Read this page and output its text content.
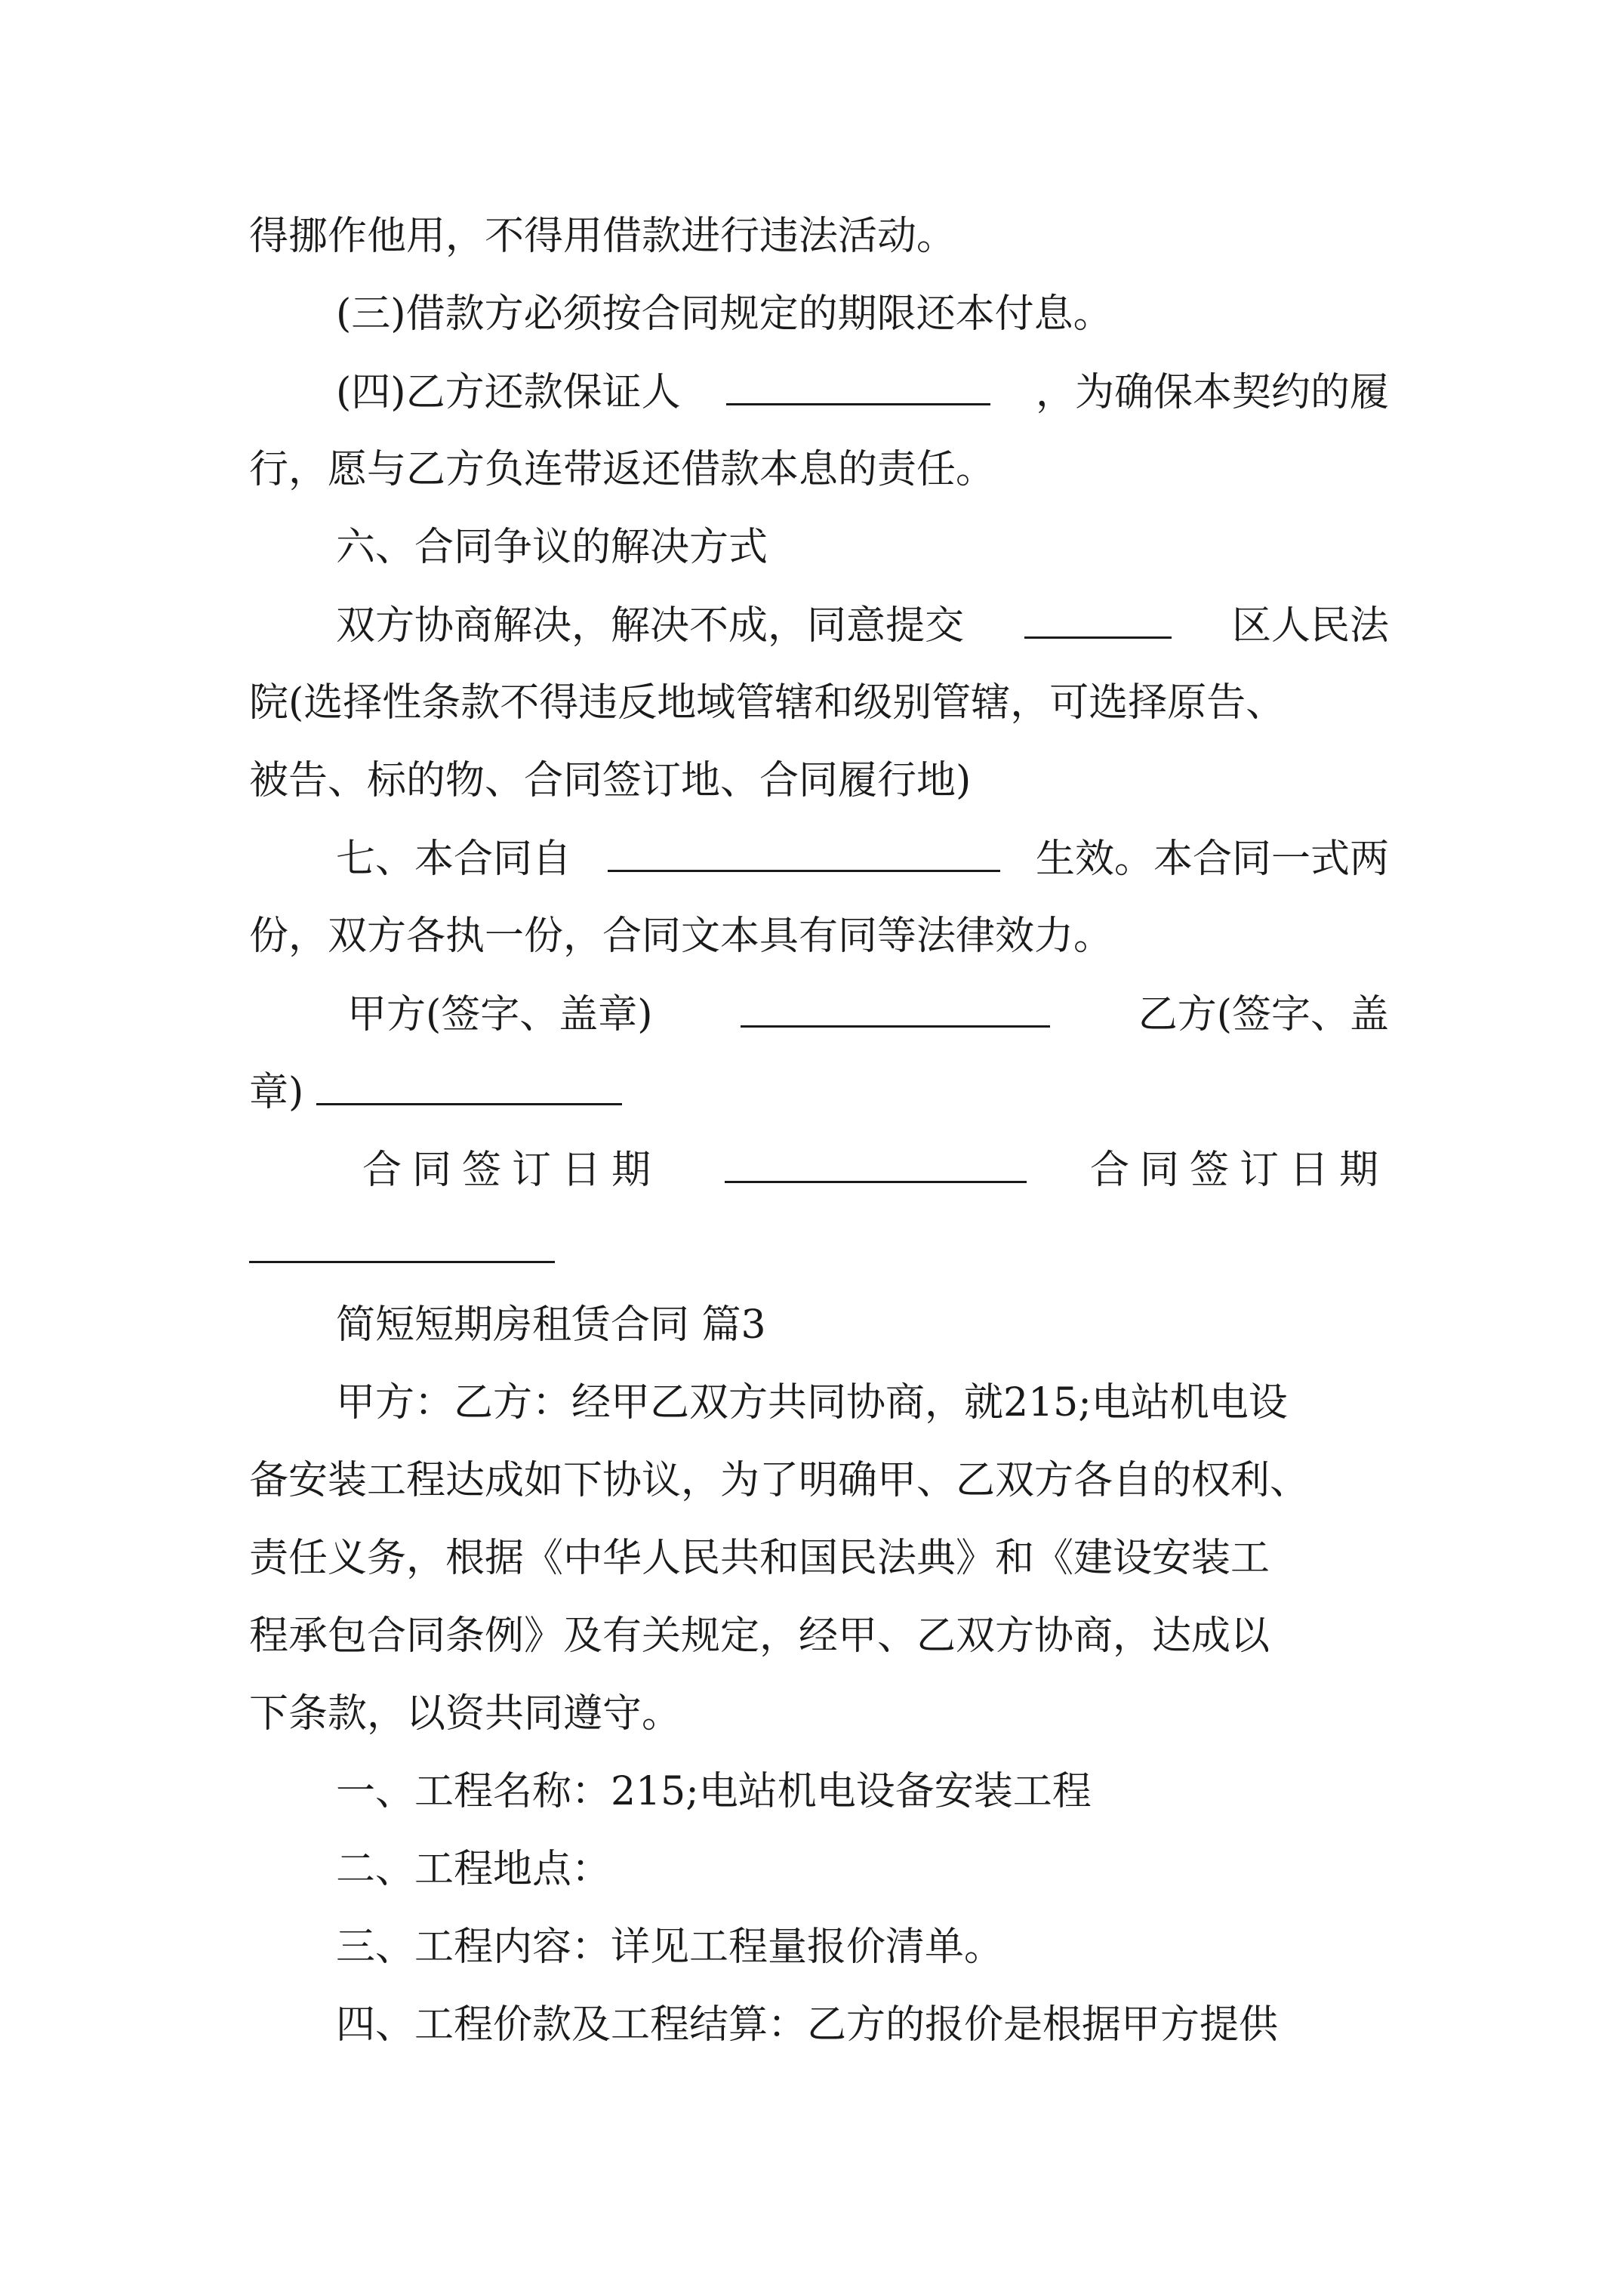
得挪作他用，不得用借款进行违法活动。
(三)借款方必须按合同规定的期限还本付息。
(四)乙方还款保证人	，为确保本契约的履
行，愿与乙方负连带返还借款本息的责任。
六、合同争议的解决方式
双方协商解决，解决不成，同意提交	区人民法
院(选择性条款不得违反地域管辖和级别管辖，可选择原告、
被告、标的物、合同签订地、合同履行地)
七、本合同自	生效。本合同一式两
份，双方各执一份，合同文本具有同等法律效力。
甲方(签字、盖章)	乙方(签字、盖
章)
合同签订日期	合同签订日期
简短短期房租赁合同 篇3
甲方：乙方：经甲乙双方共同协商，就215;电站机电设
备安装工程达成如下协议，为了明确甲、乙双方各自的权利、
责任义务，根据《中华人民共和国民法典》和《建设安装工
程承包合同条例》及有关规定，经甲、乙双方协商，达成以
下条款，以资共同遵守。
一、工程名称：215;电站机电设备安装工程
二、工程地点：
三、工程内容：详见工程量报价清单。
四、工程价款及工程结算：乙方的报价是根据甲方提供
